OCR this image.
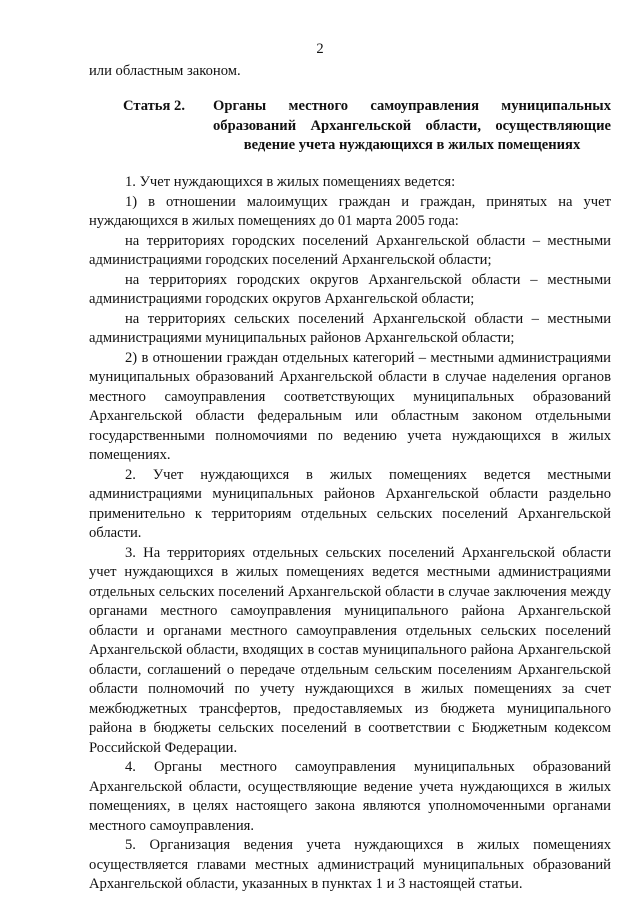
2
или областным законом.
Статья 2.	Органы местного самоуправления муниципальных образований Архангельской области, осуществляющие ведение учета нуждающихся в жилых помещениях

1. Учет нуждающихся в жилых помещениях ведется:

1) в отношении малоимущих граждан и граждан, принятых на учет нуждающихся в жилых помещениях до 01 марта 2005 года:

на территориях городских поселений Архангельской области – местными администрациями городских поселений Архангельской области;

на территориях городских округов Архангельской области – местными администрациями городских округов Архангельской области;

на территориях сельских поселений Архангельской области – местными администрациями муниципальных районов Архангельской области;

2) в отношении граждан отдельных категорий – местными администрациями муниципальных образований Архангельской области в случае наделения органов местного самоуправления соответствующих муниципальных образований Архангельской области федеральным или областным законом отдельными государственными полномочиями по ведению учета нуждающихся в жилых помещениях.

2. Учет нуждающихся в жилых помещениях ведется местными администрациями муниципальных районов Архангельской области раздельно применительно к территориям отдельных сельских поселений Архангельской области.

3. На территориях отдельных сельских поселений Архангельской области учет нуждающихся в жилых помещениях ведется местными администрациями отдельных сельских поселений Архангельской области в случае заключения между органами местного самоуправления муниципального района Архангельской области и органами местного самоуправления отдельных сельских поселений Архангельской области, входящих в состав муниципального района Архангельской области, соглашений о передаче отдельным сельским поселениям Архангельской области полномочий по учету нуждающихся в жилых помещениях за счет межбюджетных трансфертов, предоставляемых из бюджета муниципального района в бюджеты сельских поселений в соответствии с Бюджетным кодексом Российской Федерации.

4. Органы местного самоуправления муниципальных образований Архангельской области, осуществляющие ведение учета нуждающихся в жилых помещениях, в целях настоящего закона являются уполномоченными органами местного самоуправления.

5. Организация ведения учета нуждающихся в жилых помещениях осуществляется главами местных администраций муниципальных образований Архангельской области, указанных в пунктах 1 и 3 настоящей статьи.
